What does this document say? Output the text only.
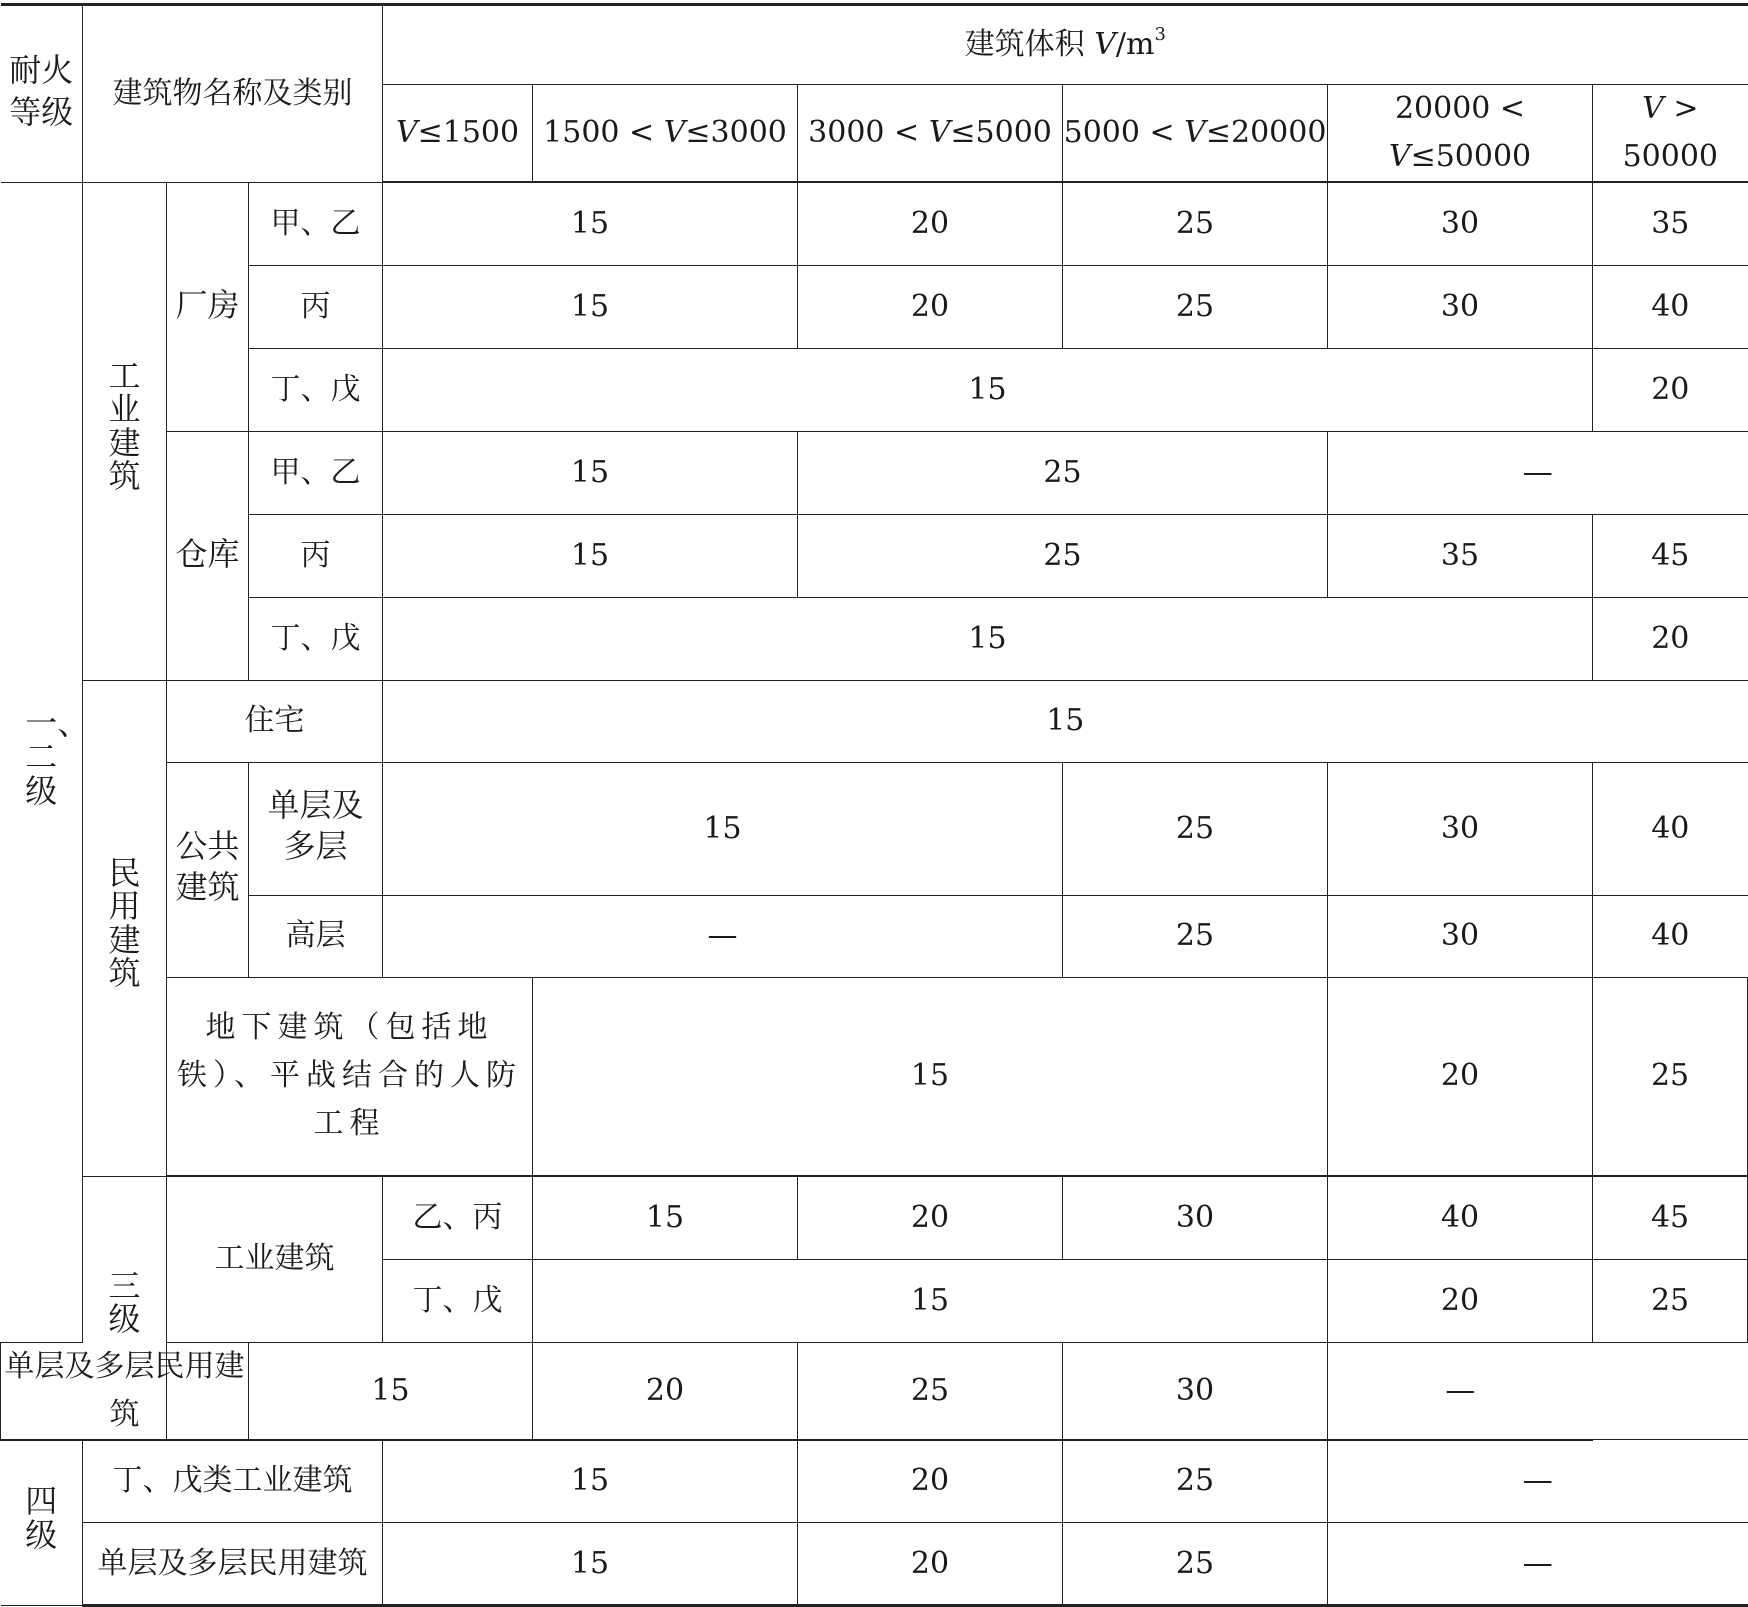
耐火等级	建筑物名称及类别			建筑体积 $V/m^3$
				V≤1500	1500 < V≤3000	3000 < V≤5000	5000 < V≤20000	20000 < V≤50000	V > 50000	
一、二级	工业建筑	厂房	甲、乙	15		20	25	30	35	
			丙	15		20	25	30	40	
			丁、戊	15					20	
		仓库	甲、乙	15		25		—		
			丙	15		25		35	45	
			丁、戊	15					20	
	民用建筑	住宅		15						
		公共建筑	单层及多层	15			25	30	40	
			高层	—			25	30	40	
		地下建筑（包括地铁）、平战结合的人防工程			15			20	25	
	三级	工业建筑		乙、丙	15	20	30	40	45	
				丁、戊	15			20	25	
单层及多层民用建筑			15		20	25	30	—		
四级	丁、戊类工业建筑			15		20	25	—		
	单层及多层民用建筑			15		20	25	—		
